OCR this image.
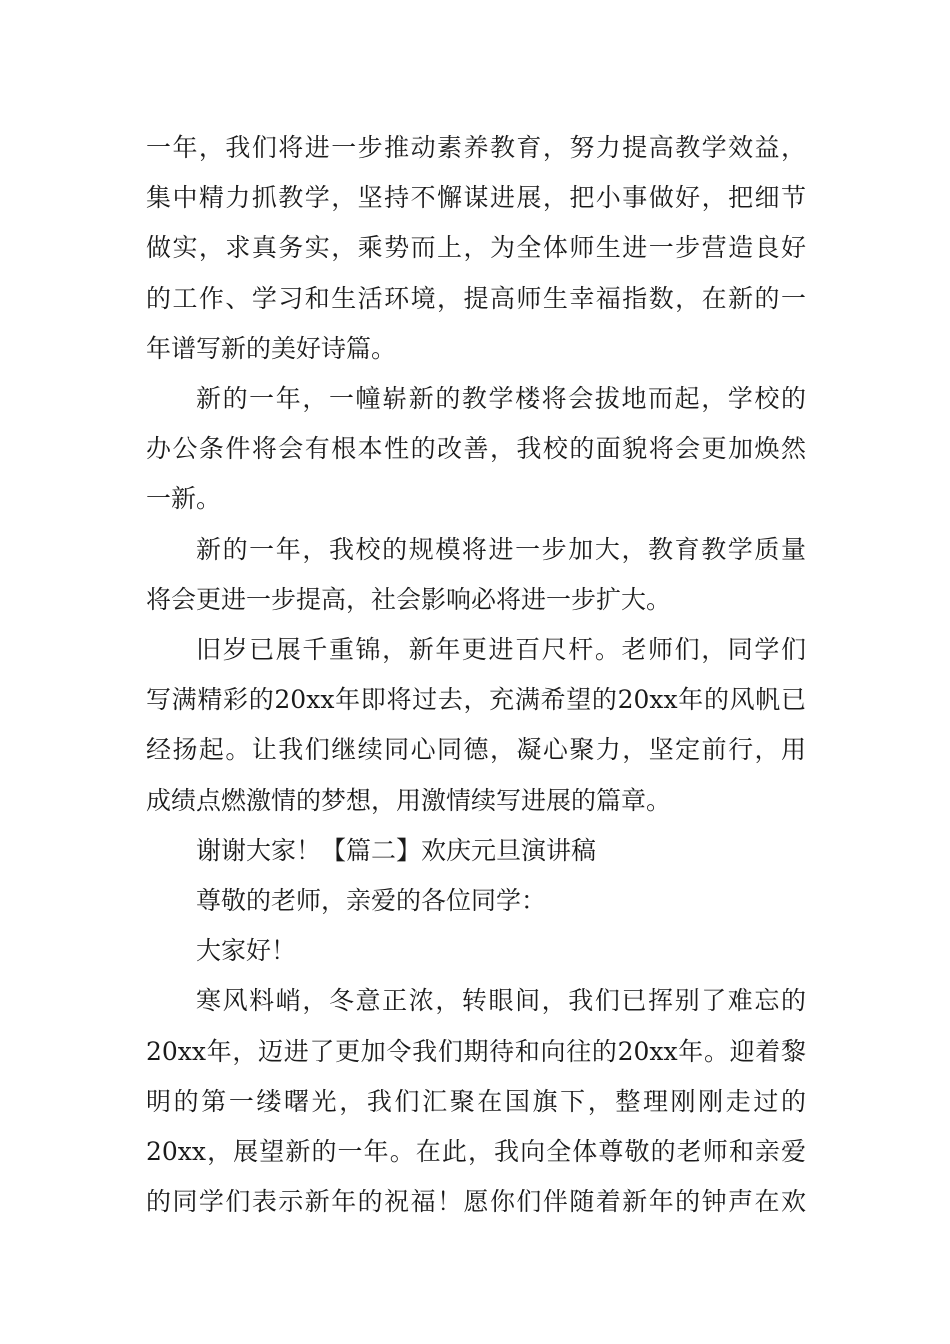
一年，我们将进一步推动素养教育，努力提高教学效益，
集中精力抓教学，坚持不懈谋进展，把小事做好，把细节
做实，求真务实，乘势而上，为全体师生进一步营造良好
的工作、学习和生活环境，提高师生幸福指数，在新的一
年谱写新的美好诗篇。
新的一年，一幢崭新的教学楼将会拔地而起，学校的
办公条件将会有根本性的改善，我校的面貌将会更加焕然
一新。
新的一年，我校的规模将进一步加大，教育教学质量
将会更进一步提高，社会影响必将进一步扩大。
旧岁已展千重锦，新年更进百尺杆。老师们，同学们
写满精彩的20xx年即将过去，充满希望的20xx年的风帆已
经扬起。让我们继续同心同德，凝心聚力，坚定前行，用
成绩点燃激情的梦想，用激情续写进展的篇章。
谢谢大家！【篇二】欢庆元旦演讲稿
尊敬的老师，亲爱的各位同学：
大家好！
寒风料峭，冬意正浓，转眼间，我们已挥别了难忘的
20xx年，迈进了更加令我们期待和向往的20xx年。迎着黎
明的第一缕曙光，我们汇聚在国旗下，整理刚刚走过的
20xx，展望新的一年。在此，我向全体尊敬的老师和亲爱
的同学们表示新年的祝福！愿你们伴随着新年的钟声在欢
